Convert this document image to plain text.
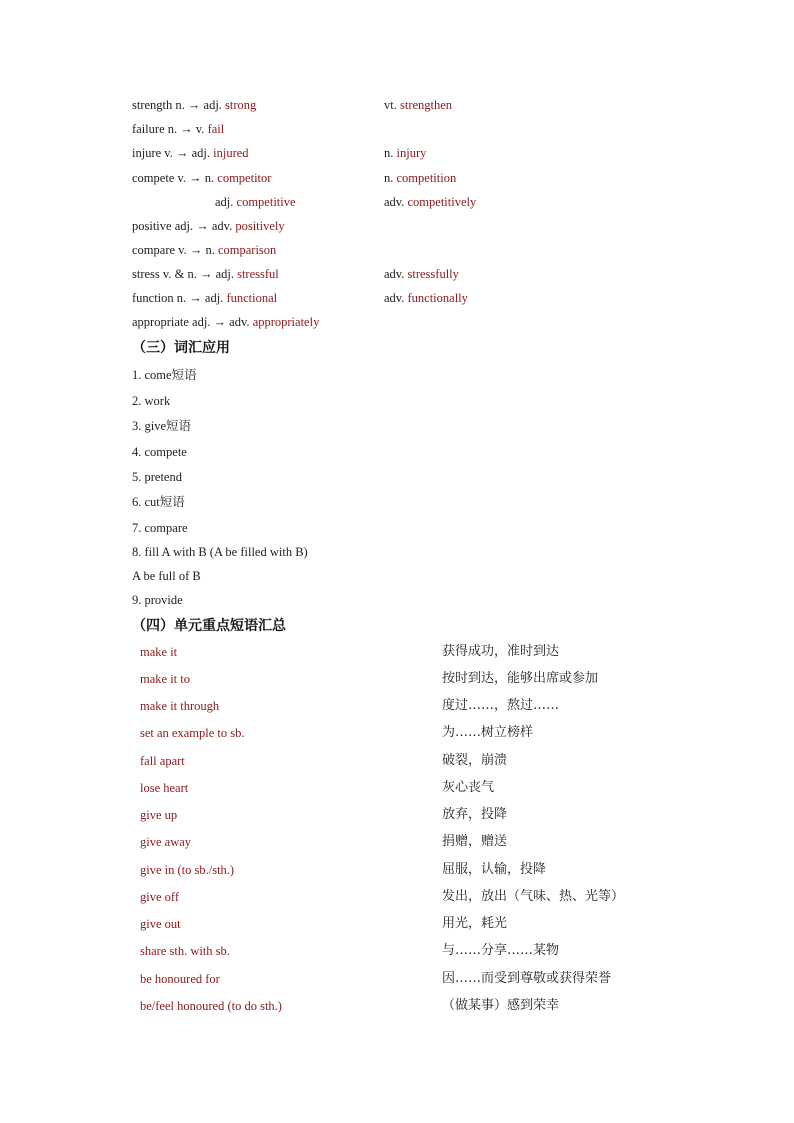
strength n. → adj. strong	vt. strengthen
failure n. → v. fail
injure v. → adj. injured	n. injury
compete v. → n. competitor	n. competition
adj. competitive	adv. competitively
positive adj. → adv. positively
compare v. → n. comparison
stress v. & n. → adj. stressful	adv. stressfully
function n. → adj. functional	adv. functionally
appropriate adj. → adv. appropriately
（三）词汇应用
1. come短语
2. work
3. give短语
4. compete
5. pretend
6. cut短语
7. compare
8. fill A with B (A be filled with B)
A be full of B
9. provide
（四）单元重点短语汇总
make it	获得成功，准时到达
make it to	按时到达，能够出席或参加
make it through	度过……，熬过……
set an example to sb.	为……树立榜样
fall apart	破裂，崩溃
lose heart	灰心丧气
give up	放弃，投降
give away	捐赠，赠送
give in (to sb./sth.)	屈服，认输，投降
give off	发出，放出（气味、热、光等）
give out	用光，耗光
share sth. with sb.	与……分享……某物
be honoured for	因……而受到尊敬或获得荣誉
be/feel honoured (to do sth.)	（做某事）感到荣幸
